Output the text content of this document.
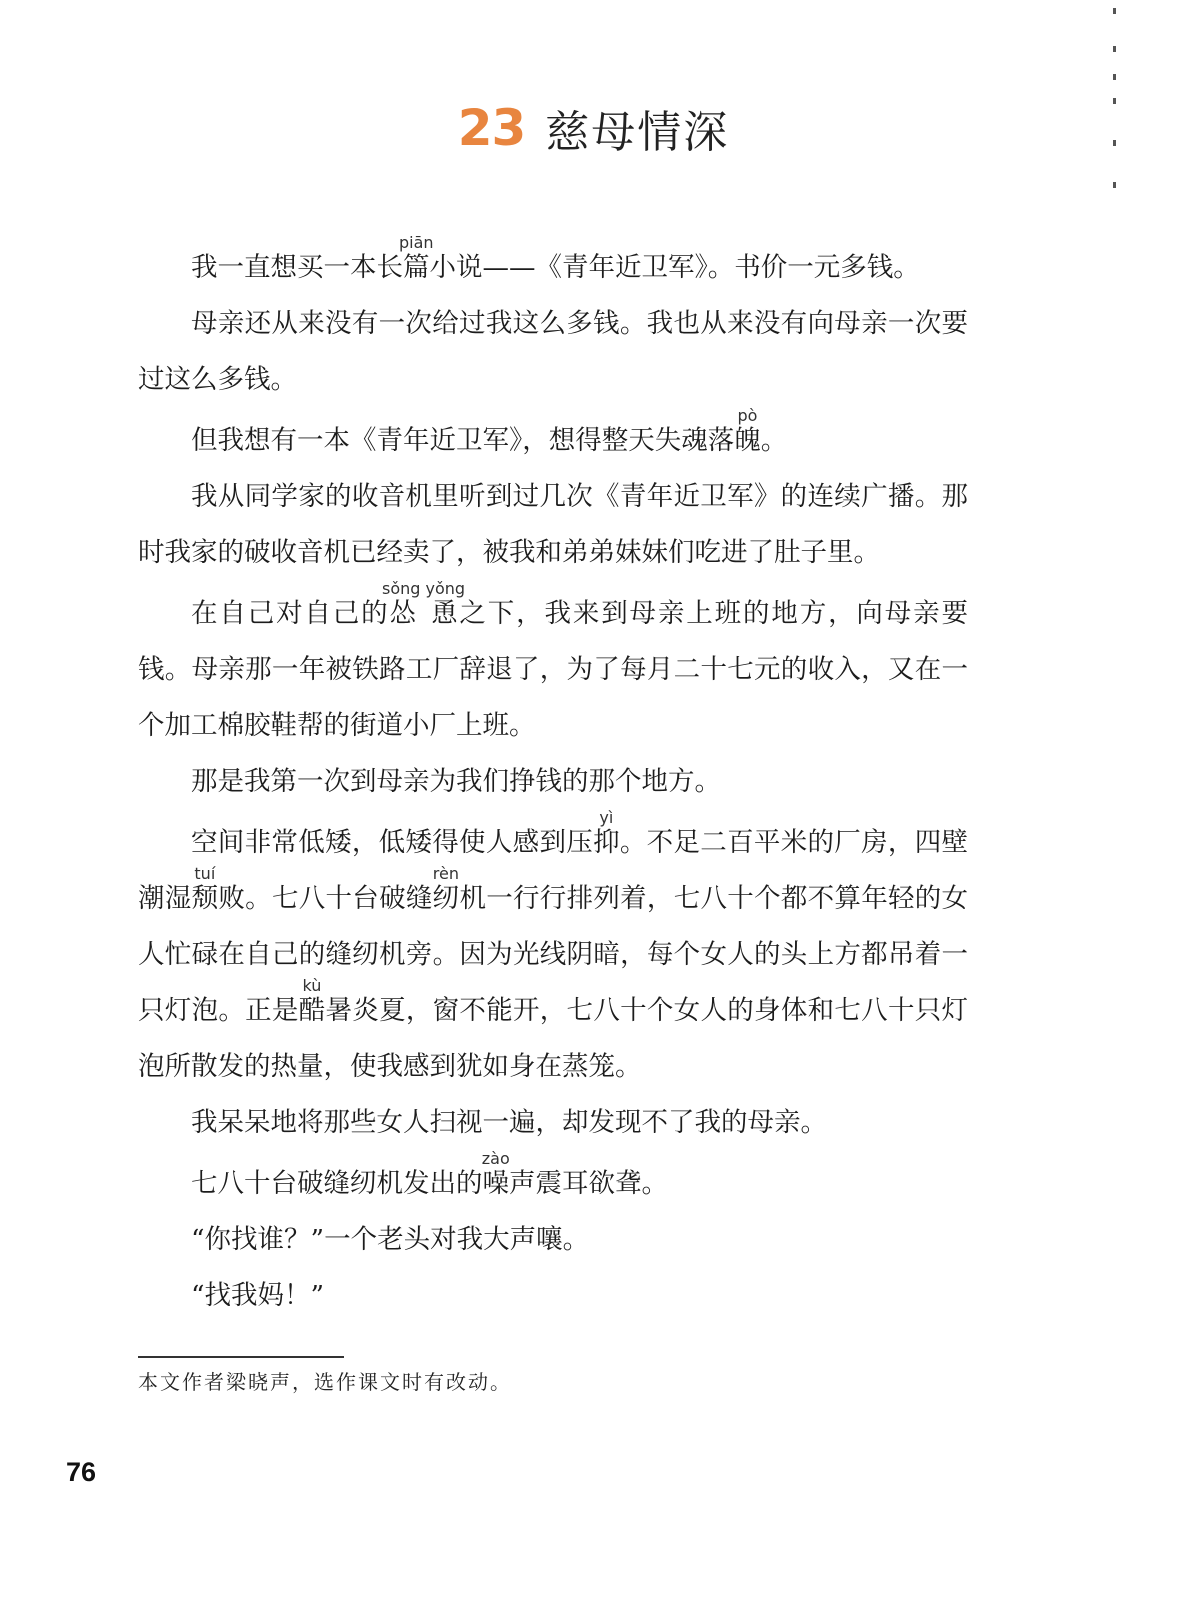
23 慈母情深

我一直想买一本长篇piān小说——《青年近卫军》。书价一元多钱。

母亲还从来没有一次给过我这么多钱。我也从来没有向母亲一次要过这么多钱。

但我想有一本《青年近卫军》，想得整天失魂落魄pò。

我从同学家的收音机里听到过几次《青年近卫军》的连续广播。那时我家的破收音机已经卖了，被我和弟弟妹妹们吃进了肚子里。

在自己对自己的怂恿sǒng yǒng之下，我来到母亲上班的地方，向母亲要钱。母亲那一年被铁路工厂辞退了，为了每月二十七元的收入，又在一个加工棉胶鞋帮的街道小厂上班。

那是我第一次到母亲为我们挣钱的那个地方。

空间非常低矮，低矮得使人感到压抑yì。不足二百平米的厂房，四壁潮湿颓tuí败。七八十台破缝纫rèn机一行行排列着，七八十个都不算年轻的女人忙碌在自己的缝纫机旁。因为光线阴暗，每个女人的头上方都吊着一只灯泡。正是酷kù暑炎夏，窗不能开，七八十个女人的身体和七八十只灯泡所散发的热量，使我感到犹如身在蒸笼。

我呆呆地将那些女人扫视一遍，却发现不了我的母亲。

七八十台破缝纫机发出的噪zào声震耳欲聋。

“你找谁？”一个老头对我大声嚷。

“找我妈！”

本文作者梁晓声，选作课文时有改动。
76
